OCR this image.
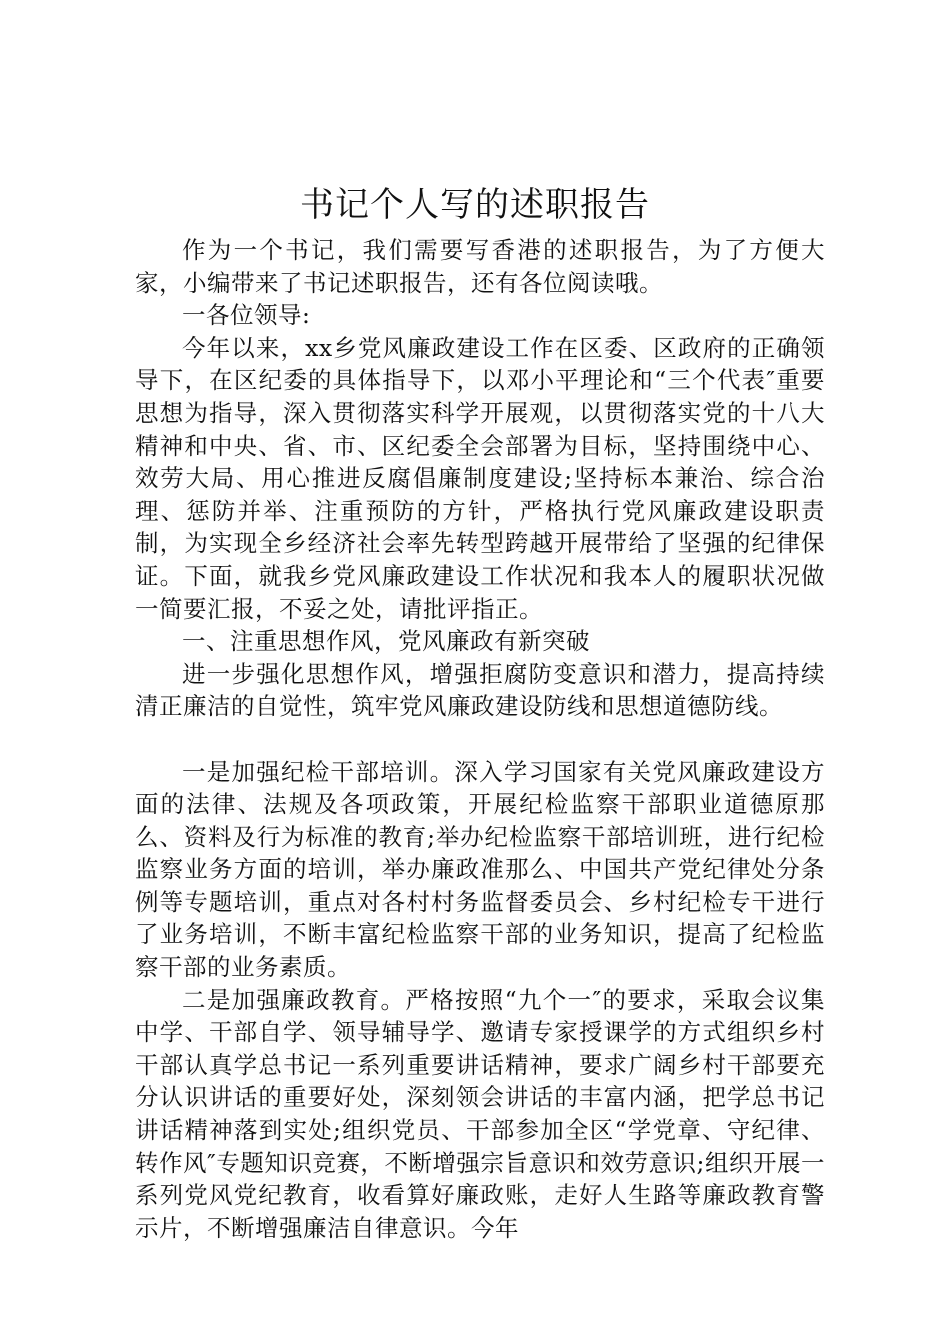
书记个人写的述职报告

作为一个书记，我们需要写香港的述职报告，为了方便大家，小编带来了书记述职报告，还有各位阅读哦。

一各位领导:

今年以来，xx乡党风廉政建设工作在区委、区政府的正确领导下，在区纪委的具体指导下，以邓小平理论和“三个代表″重要思想为指导，深入贯彻落实科学开展观，以贯彻落实党的十八大精神和中央、省、市、区纪委全会部署为目标，坚持围绕中心、效劳大局、用心推进反腐倡廉制度建设;坚持标本兼治、综合治理、惩防并举、注重预防的方针，严格执行党风廉政建设职责制，为实现全乡经济社会率先转型跨越开展带给了坚强的纪律保证。下面，就我乡党风廉政建设工作状况和我本人的履职状况做一简要汇报，不妥之处，请批评指正。

一、注重思想作风，党风廉政有新突破

进一步强化思想作风，增强拒腐防变意识和潜力，提高持续清正廉洁的自觉性，筑牢党风廉政建设防线和思想道德防线。

一是加强纪检干部培训。深入学习国家有关党风廉政建设方面的法律、法规及各项政策，开展纪检监察干部职业道德原那么、资料及行为标准的教育;举办纪检监察干部培训班，进行纪检监察业务方面的培训，举办廉政准那么、中国共产党纪律处分条例等专题培训，重点对各村村务监督委员会、乡村纪检专干进行了业务培训，不断丰富纪检监察干部的业务知识，提高了纪检监察干部的业务素质。

二是加强廉政教育。严格按照“九个一″的要求，采取会议集中学、干部自学、领导辅导学、邀请专家授课学的方式组织乡村干部认真学总书记一系列重要讲话精神，要求广阔乡村干部要充分认识讲话的重要好处，深刻领会讲话的丰富内涵，把学总书记讲话精神落到实处;组织党员、干部参加全区“学党章、守纪律、转作风″专题知识竞赛，不断增强宗旨意识和效劳意识;组织开展一系列党风党纪教育，收看算好廉政账，走好人生路等廉政教育警示片，不断增强廉洁自律意识。今年
